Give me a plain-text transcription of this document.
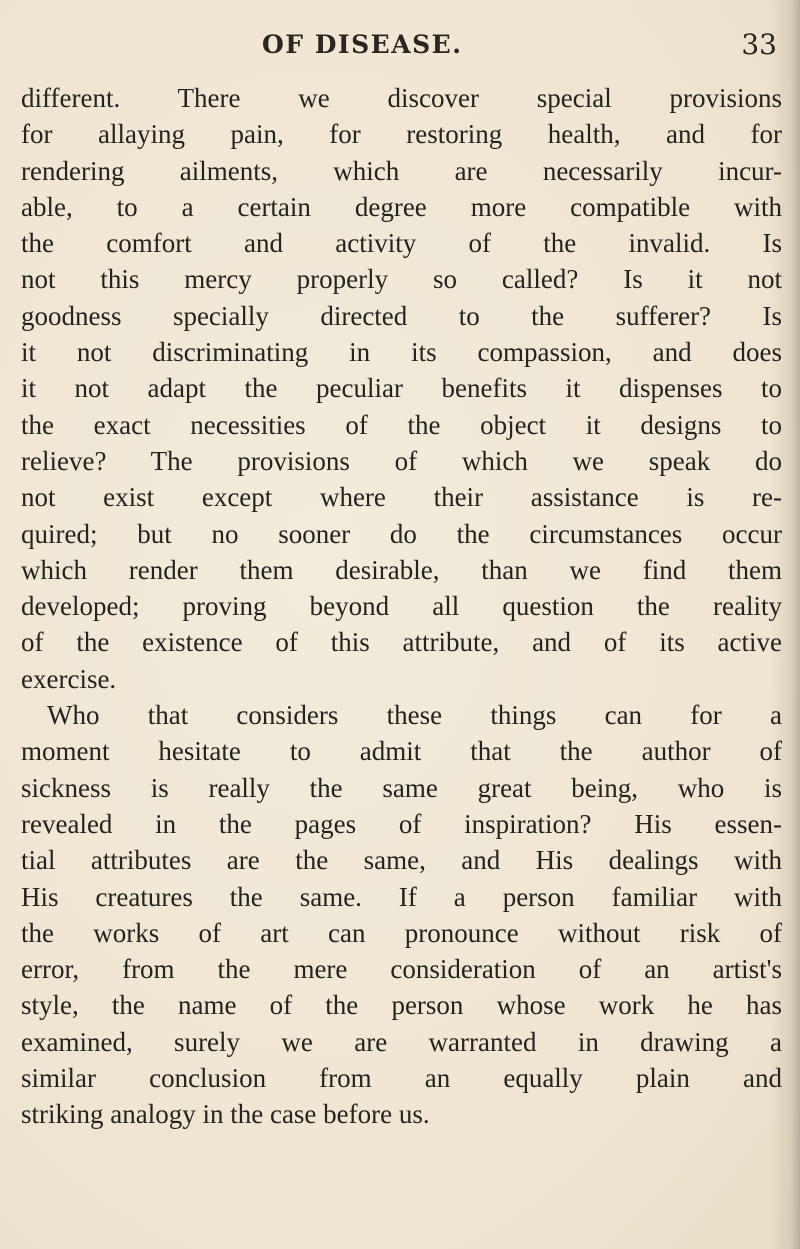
OF DISEASE.	33
different. There we discover special provisions
for allaying pain, for restoring health, and for
rendering ailments, which are necessarily incur-
able, to a certain degree more compatible with
the comfort and activity of the invalid. Is
not this mercy properly so called? Is it not
goodness specially directed to the sufferer? Is
it not discriminating in its compassion, and does
it not adapt the peculiar benefits it dispenses to
the exact necessities of the object it designs to
relieve? The provisions of which we speak do
not exist except where their assistance is re-
quired; but no sooner do the circumstances occur
which render them desirable, than we find them
developed; proving beyond all question the reality
of the existence of this attribute, and of its active
exercise.
Who that considers these things can for a
moment hesitate to admit that the author of
sickness is really the same great being, who is
revealed in the pages of inspiration? His essen-
tial attributes are the same, and His dealings with
His creatures the same. If a person familiar with
the works of art can pronounce without risk of
error, from the mere consideration of an artist's
style, the name of the person whose work he has
examined, surely we are warranted in drawing a
similar conclusion from an equally plain and
striking analogy in the case before us.
